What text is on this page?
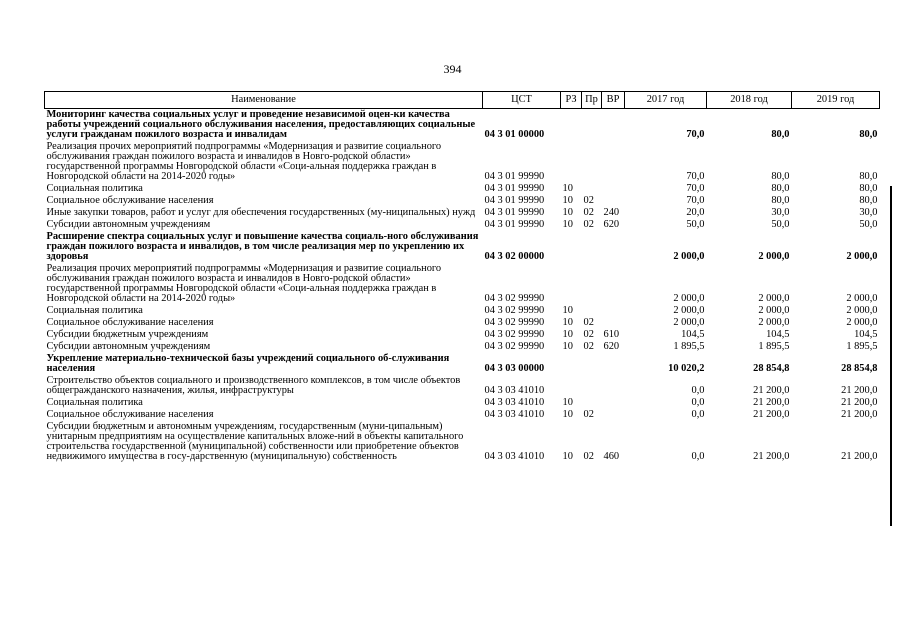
394
Наименование	ЦСТ	РЗ	Пр	ВР	2017 год	2018 год	2019 год
Мониторинг качества социальных услуг и проведение независимой оцен-ки качества работы учреждений социального обслуживания населения, предоставляющих социальные услуги гражданам пожилого возраста и инвалидам	04 3 01 00000				70,0	80,0	80,0
Реализация прочих мероприятий подпрограммы «Модернизация и развитие социального обслуживания граждан пожилого возраста и инвалидов в Новго-родской области» государственной программы Новгородской области «Соци-альная поддержка граждан в Новгородской области на 2014-2020 годы»	04 3 01 99990				70,0	80,0	80,0
Социальная политика	04 3 01 99990	10			70,0	80,0	80,0
Социальное обслуживание населения	04 3 01 99990	10	02		70,0	80,0	80,0
Иные закупки товаров, работ и услуг для обеспечения государственных (му-ниципальных) нужд	04 3 01 99990	10	02	240	20,0	30,0	30,0
Субсидии автономным учреждениям	04 3 01 99990	10	02	620	50,0	50,0	50,0
Расширение спектра социальных услуг и повышение качества социаль-ного обслуживания граждан пожилого возраста и инвалидов, в том числе реализация мер по укреплению их здоровья	04 3 02 00000				2 000,0	2 000,0	2 000,0
Реализация прочих мероприятий подпрограммы «Модернизация и развитие социального обслуживания граждан пожилого возраста и инвалидов в Новго-родской области» государственной программы Новгородской области «Соци-альная поддержка граждан в Новгородской области на 2014-2020 годы»	04 3 02 99990				2 000,0	2 000,0	2 000,0
Социальная политика	04 3 02 99990	10			2 000,0	2 000,0	2 000,0
Социальное обслуживание населения	04 3 02 99990	10	02		2 000,0	2 000,0	2 000,0
Субсидии бюджетным учреждениям	04 3 02 99990	10	02	610	104,5	104,5	104,5
Субсидии автономным учреждениям	04 3 02 99990	10	02	620	1 895,5	1 895,5	1 895,5
Укрепление материально-технической базы учреждений социального об-служивания населения	04 3 03 00000				10 020,2	28 854,8	28 854,8
Строительство объектов социального и производственного комплексов, в том числе объектов общегражданского назначения, жилья, инфраструктуры	04 3 03 41010				0,0	21 200,0	21 200,0
Социальная политика	04 3 03 41010	10			0,0	21 200,0	21 200,0
Социальное обслуживание населения	04 3 03 41010	10	02		0,0	21 200,0	21 200,0
Субсидии бюджетным и автономным учреждениям, государственным (муни-ципальным) унитарным предприятиям на осуществление капитальных вложе-ний в объекты капитального строительства государственной (муниципальной) собственности или приобретение объектов недвижимого имущества в госу-дарственную (муниципальную) собственность	04 3 03 41010	10	02	460	0,0	21 200,0	21 200,0
